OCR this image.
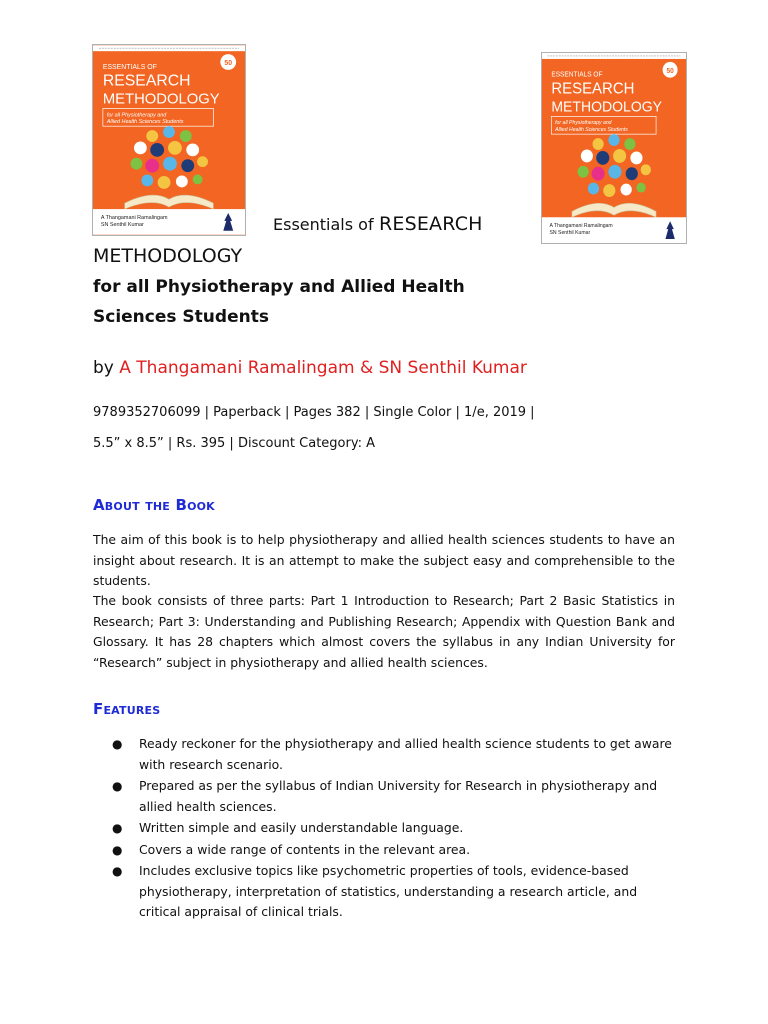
50
ESSENTIALS OF
RESEARCH
METHODOLOGY
for all Physiotherapy and
Allied Health Sciences Students
A Thangamani Ramalingam
SN Senthil Kumar
50
ESSENTIALS OF
RESEARCH
METHODOLOGY
for all Physiotherapy and
Allied Health Sciences Students
A Thangamani Ramalingam
SN Senthil Kumar
Essentials of RESEARCH
METHODOLOGY
for all Physiotherapy and Allied Health
Sciences Students
by A Thangamani Ramalingam & SN Senthil Kumar
9789352706099 | Paperback | Pages 382 | Single Color | 1/e, 2019 |
5.5” x 8.5” | Rs. 395 | Discount Category: A
About the Book
The aim of this book is to help physiotherapy and allied health sciences students to have an insight about research. It is an attempt to make the subject easy and comprehensible to the students.
The book consists of three parts: Part 1 Introduction to Research; Part 2 Basic Statistics in Research; Part 3: Understanding and Publishing Research; Appendix with Question Bank and Glossary. It has 28 chapters which almost covers the syllabus in any Indian University for “Research” subject in physiotherapy and allied health sciences.
Features
● Ready reckoner for the physiotherapy and allied health science students to get aware with research scenario.
● Prepared as per the syllabus of Indian University for Research in physiotherapy and allied health sciences.
● Written simple and easily understandable language.
● Covers a wide range of contents in the relevant area.
● Includes exclusive topics like psychometric properties of tools, evidence-based physiotherapy, interpretation of statistics, understanding a research article, and critical appraisal of clinical trials.
